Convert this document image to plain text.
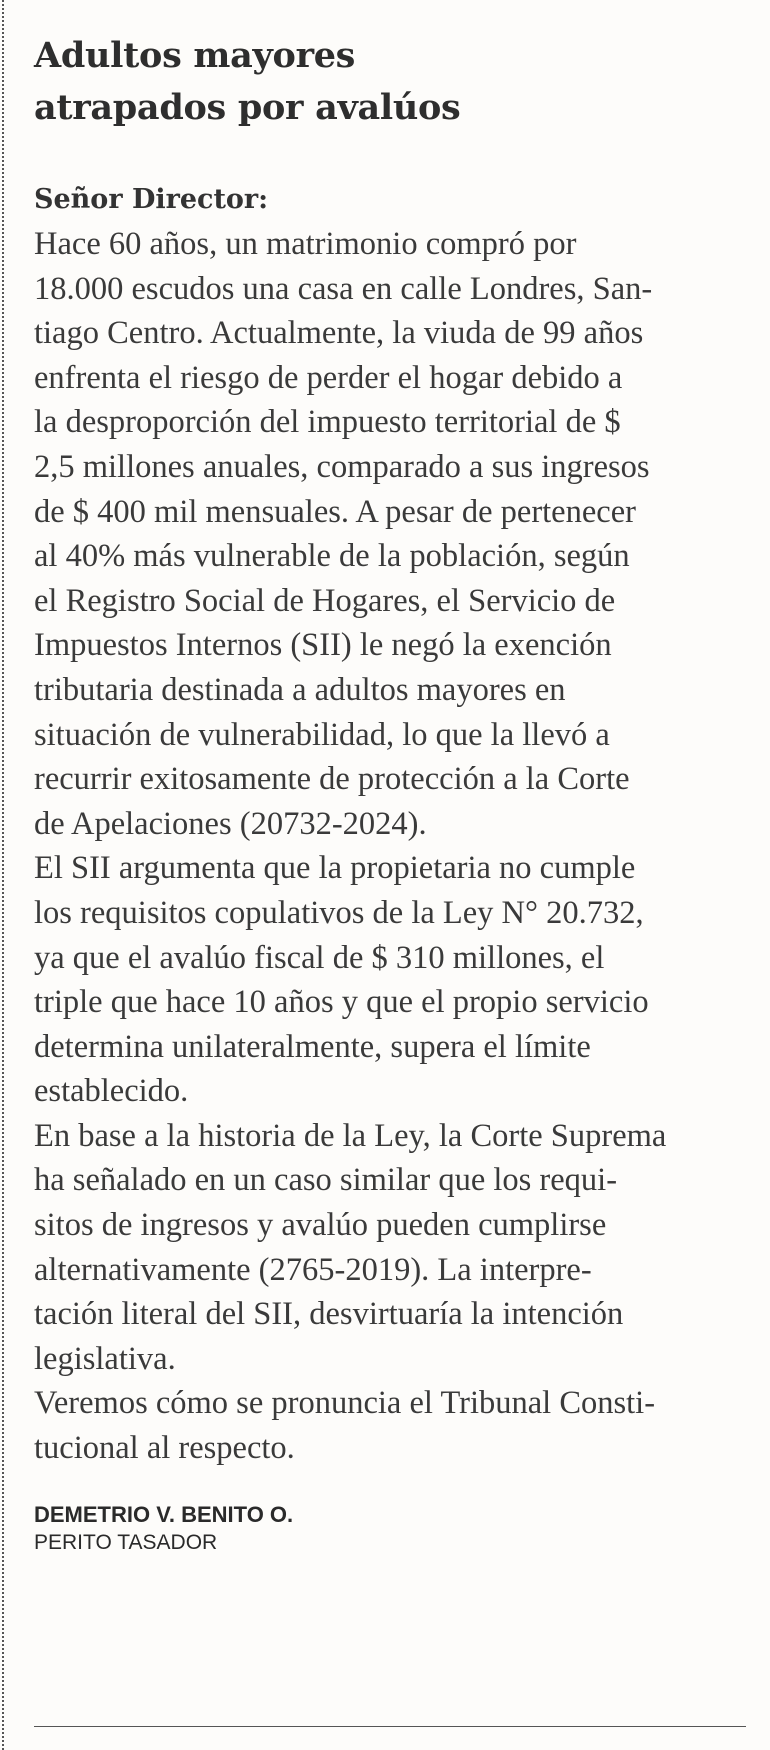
Adultos mayores
atrapados por avalúos
Señor Director:
Hace 60 años, un matrimonio compró por
18.000 escudos una casa en calle Londres, San-
tiago Centro. Actualmente, la viuda de 99 años
enfrenta el riesgo de perder el hogar debido a
la desproporción del impuesto territorial de $
2,5 millones anuales, comparado a sus ingresos
de $ 400 mil mensuales. A pesar de pertenecer
al 40% más vulnerable de la población, según
el Registro Social de Hogares, el Servicio de
Impuestos Internos (SII) le negó la exención
tributaria destinada a adultos mayores en
situación de vulnerabilidad, lo que la llevó a
recurrir exitosamente de protección a la Corte
de Apelaciones (20732-2024).
El SII argumenta que la propietaria no cumple
los requisitos copulativos de la Ley N° 20.732,
ya que el avalúo fiscal de $ 310 millones, el
triple que hace 10 años y que el propio servicio
determina unilateralmente, supera el límite
establecido.
En base a la historia de la Ley, la Corte Suprema
ha señalado en un caso similar que los requi-
sitos de ingresos y avalúo pueden cumplirse
alternativamente (2765-2019). La interpre-
tación literal del SII, desvirtuaría la intención
legislativa.
Veremos cómo se pronuncia el Tribunal Consti-
tucional al respecto.
DEMETRIO V. BENITO O.
PERITO TASADOR
